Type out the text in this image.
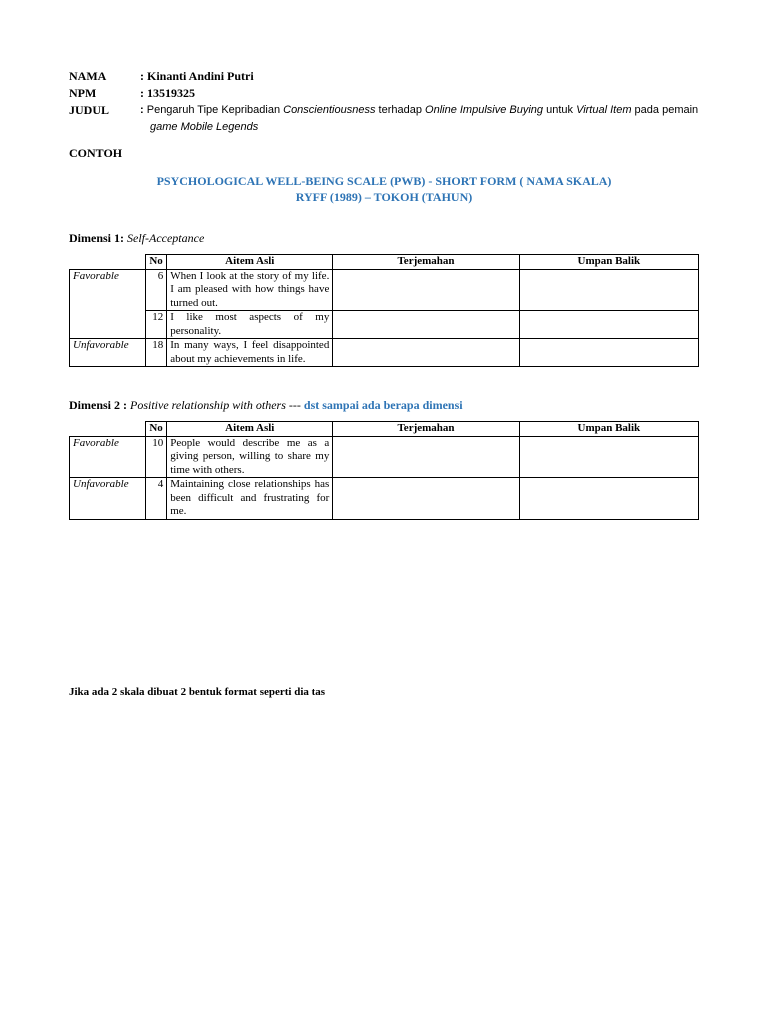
NAMA	: Kinanti Andini Putri
NPM	: 13519325
JUDUL	: Pengaruh Tipe Kepribadian Conscientiousness terhadap Online Impulsive Buying untuk Virtual Item pada pemain
game Mobile Legends
CONTOH
PSYCHOLOGICAL WELL-BEING SCALE (PWB) - SHORT FORM ( NAMA SKALA)
RYFF (1989) – TOKOH (TAHUN)
Dimensi 1: Self-Acceptance
	No	Aitem Asli	Terjemahan	Umpan Balik
Favorable	6	When I look at the story of my life. I am pleased with how things have turned out.		
	12	I like most aspects of my personality.		
Unfavorable	18	In many ways, I feel disappointed about my achievements in life.		
Dimensi 2 : Positive relationship with others --- dst sampai ada berapa dimensi
	No	Aitem Asli	Terjemahan	Umpan Balik
Favorable	10	People would describe me as a giving person, willing to share my time with others.		
Unfavorable	4	Maintaining close relationships has been difficult and frustrating for me.		
Jika ada 2 skala dibuat 2 bentuk format seperti dia tas
